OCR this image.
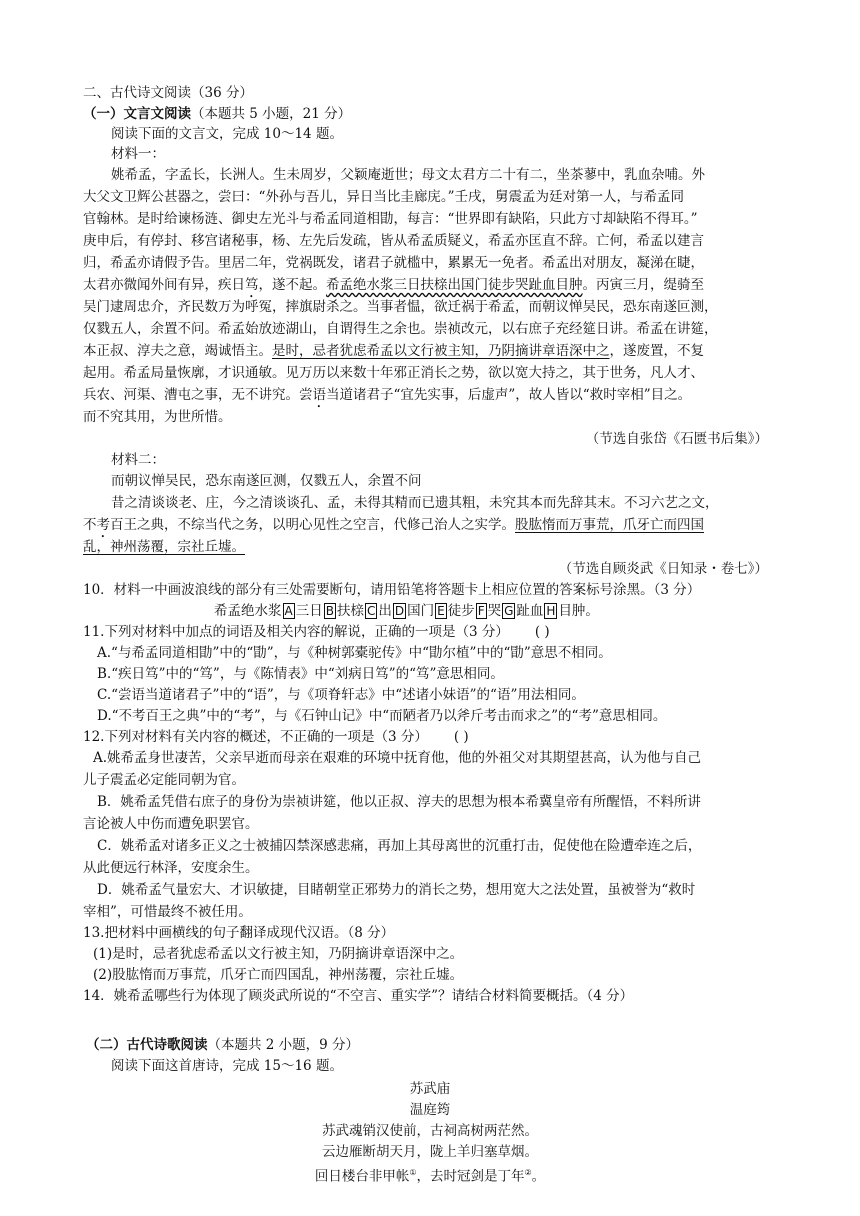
二、古代诗文阅读（36 分）
（一）文言文阅读（本题共 5 小题，21 分）
阅读下面的文言文，完成 10～14 题。
材料一：
姚希孟，字孟长，长洲人。生未周岁，父颖庵逝世；母文太君方二十有二，坐茶蓼中，乳血杂哺。外
大父文卫辉公甚器之，尝曰：“外孙与吾儿，异日当比圭廊庑。”壬戌，舅震孟为廷对第一人，与希孟同
官翰林。是时给谏杨涟、御史左光斗与希孟同道相勖，每言：“世界即有缺陷，只此方寸却缺陷不得耳。”
庚申后，有停封、移宫诸秘事，杨、左先后发疏，皆从希孟质疑义，希孟亦匡直不辞。亡何，希孟以建言
归，希孟亦请假予告。里居二年，党祸既发，诸君子就槛中，累累无一免者。希孟出对朋友，凝涕在睫，
太君亦微闻外间有异，疾日笃，遂不起。希孟绝水浆三日扶榇出国门徒步哭趾血目肿。丙寅三月，缇骑至
吴门逮周忠介，齐民数万为呼冤，摔旗尉杀之。当事者愠，欲迁祸于希孟，而朝议惮吴民，恐东南遂叵测，
仅戮五人，余置不问。希孟始放迹湖山，自谓得生之余也。崇祯改元，以右庶子充经筵日讲。希孟在讲筵，
本正叔、淳夫之意，竭诚悟主。是时，忌者犹虑希孟以文行被主知，乃阴摘讲章语深中之，遂废置，不复
起用。希孟局量恢廓，才识通敏。见万历以来数十年邪正消长之势，欲以宽大持之，其于世务，凡人才、
兵农、河渠、漕屯之事，无不讲究。尝语当道诸君子“宜先实事，后虚声”，故人皆以“救时宰相”目之。
而不究其用，为世所惜。
（节选自张岱《石匮书后集》）
材料二：
而朝议惮吴民，恐东南遂叵测，仅戮五人，余置不问
昔之清谈谈老、庄，今之清谈谈孔、孟，未得其精而已遗其粗，未究其本而先辞其末。不习六艺之文，
不考百王之典，不综当代之务，以明心见性之空言，代修己治人之实学。股肱惰而万事荒，爪牙亡而四国
乱，神州荡覆，宗社丘墟。
（节选自顾炎武《日知录・卷七》）
10．材料一中画波浪线的部分有三处需要断句，请用铅笔将答题卡上相应位置的答案标号涂黑。（3 分）
希孟绝水浆 A 三日 B 扶榇 C 出 D 国门 E 徒步 F 哭 G 趾血 H 目肿。
11.下列对材料中加点的词语及相关内容的解说，正确的一项是（3 分） ( )
A.“与希孟同道相勖”中的“勖”，与《种树郭橐驼传》中“勖尔植”中的“勖”意思不相同。
B.“疾日笃”中的“笃”，与《陈情表》中“刘病日笃”的“笃”意思相同。
C.“尝语当道诸君子”中的“语”，与《项脊轩志》中“述诸小妹语”的“语”用法相同。
D.“不考百王之典”中的“考”，与《石钟山记》中“而陋者乃以斧斤考击而求之”的“考”意思相同。
12.下列对材料有关内容的概述，不正确的一项是（3 分） ( )
A.姚希孟身世凄苦，父亲早逝而母亲在艰难的环境中抚育他，他的外祖父对其期望甚高，认为他与自己
儿子震孟必定能同朝为官。
B．姚希孟凭借右庶子的身份为崇祯讲筵，他以正叔、淳夫的思想为根本希冀皇帝有所醒悟，不料所讲
言论被人中伤而遭免职罢官。
C．姚希孟对诸多正义之士被捕囚禁深感悲痛，再加上其母离世的沉重打击，促使他在险遭牵连之后，
从此便远行林泽，安度余生。
D．姚希孟气量宏大、才识敏捷，目睹朝堂正邪势力的消长之势，想用宽大之法处置，虽被誉为“救时
宰相”，可惜最终不被任用。
13.把材料中画横线的句子翻译成现代汉语。（8 分）
(1)是时，忌者犹虑希孟以文行被主知，乃阴摘讲章语深中之。
(2)股肱惰而万事荒，爪牙亡而四国乱，神州荡覆，宗社丘墟。
14．姚希孟哪些行为体现了顾炎武所说的“不空言、重实学”？请结合材料简要概括。（4 分）
（二）古代诗歌阅读（本题共 2 小题，9 分）
阅读下面这首唐诗，完成 15～16 题。
苏武庙
温庭筠
苏武魂销汉使前，古祠高树两茫然。
云边雁断胡天月，陇上羊归塞草烟。
回日楼台非甲帐①，去时冠剑是丁年②。
